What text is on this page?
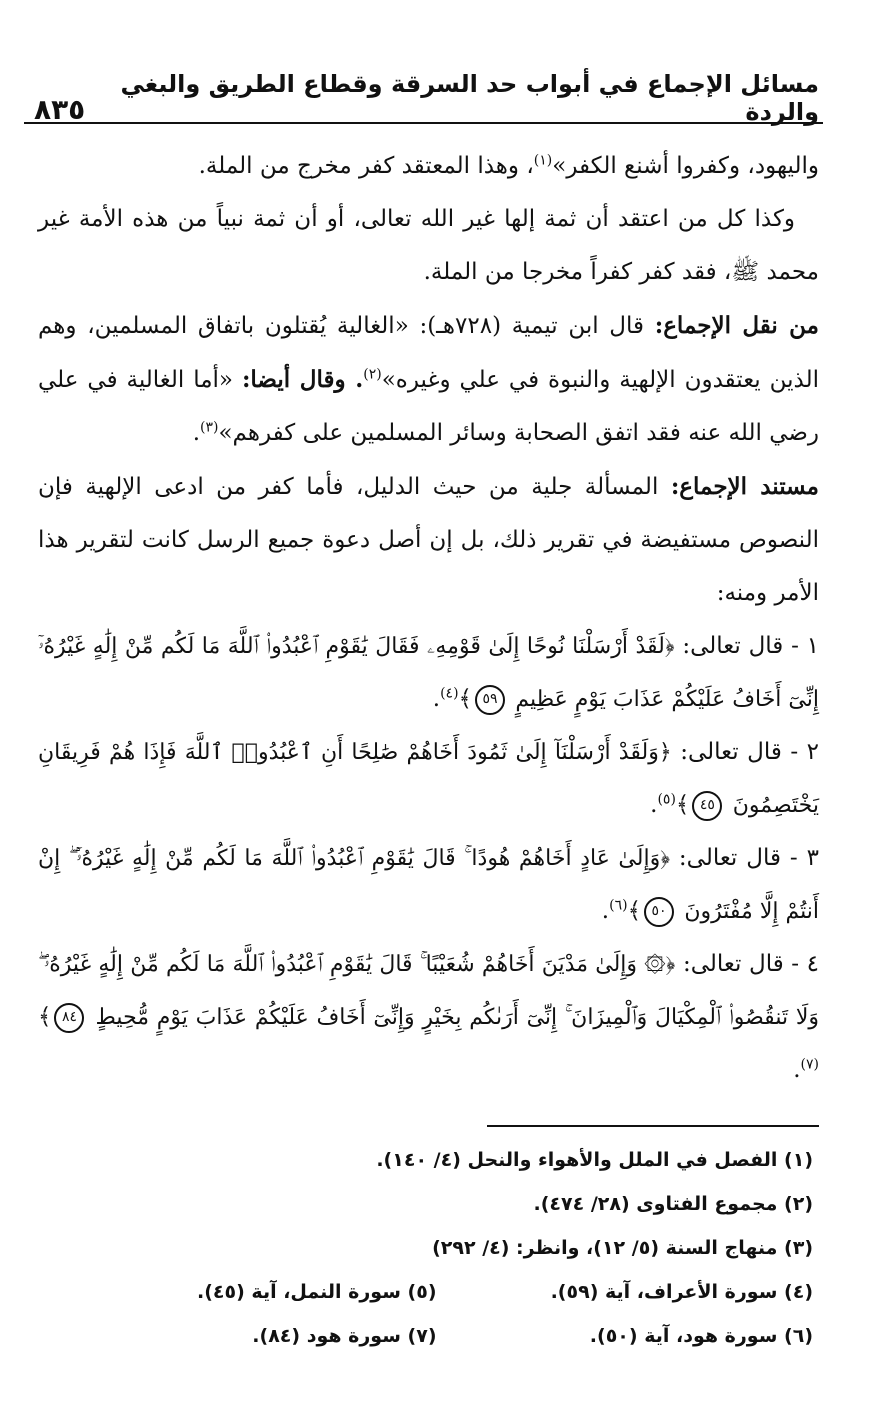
مسائل الإجماع في أبواب حد السرقة وقطاع الطريق والبغي والردة
٨٣٥

واليهود، وكفروا أشنع الكفر»$^{(١)}$، وهذا المعتقد كفر مخرج من الملة.

وكذا كل من اعتقد أن ثمة إلها غير الله تعالى، أو أن ثمة نبياً من هذه الأمة غير محمد ﷺ، فقد كفر كفراً مخرجا من الملة.

من نقل الإجماع: قال ابن تيمية (٧٢٨هـ): «الغالية يُقتلون باتفاق المسلمين، وهم الذين يعتقدون الإلهية والنبوة في علي وغيره»$^{(٢)}$. وقال أيضا: «أما الغالية في علي رضي الله عنه فقد اتفق الصحابة وسائر المسلمين على كفرهم»$^{(٣)}$.

مستند الإجماع: المسألة جلية من حيث الدليل، فأما كفر من ادعى الإلهية فإن النصوص مستفيضة في تقرير ذلك، بل إن أصل دعوة جميع الرسل كانت لتقرير هذا الأمر ومنه:

١ - قال تعالى: ﴿لَقَدْ أَرْسَلْنَا نُوحًا إِلَىٰ قَوْمِهِۦ فَقَالَ يَٰقَوْمِ ٱعْبُدُوا۟ ٱللَّهَ مَا لَكُم مِّنْ إِلَٰهٍ غَيْرُهُۥٓ إِنِّىٓ أَخَافُ عَلَيْكُمْ عَذَابَ يَوْمٍ عَظِيمٍ ٥٩﴾$^{(٤)}$.

٢ - قال تعالى: ﴿وَلَقَدْ أَرْسَلْنَآ إِلَىٰ ثَمُودَ أَخَاهُمْ صَٰلِحًا أَنِ ٱعْبُدُوا۟ ٱللَّهَ فَإِذَا هُمْ فَرِيقَانِ يَخْتَصِمُونَ ٤٥﴾$^{(٥)}$.

٣ - قال تعالى: ﴿وَإِلَىٰ عَادٍ أَخَاهُمْ هُودًا ۚ قَالَ يَٰقَوْمِ ٱعْبُدُوا۟ ٱللَّهَ مَا لَكُم مِّنْ إِلَٰهٍ غَيْرُهُۥٓ ۖ إِنْ أَنتُمْ إِلَّا مُفْتَرُونَ ٥٠﴾$^{(٦)}$.

٤ - قال تعالى: ﴿۞ وَإِلَىٰ مَدْيَنَ أَخَاهُمْ شُعَيْبًا ۚ قَالَ يَٰقَوْمِ ٱعْبُدُوا۟ ٱللَّهَ مَا لَكُم مِّنْ إِلَٰهٍ غَيْرُهُۥ ۖ وَلَا تَنقُصُوا۟ ٱلْمِكْيَالَ وَٱلْمِيزَانَ ۚ إِنِّىٓ أَرَىٰكُم بِخَيْرٍ وَإِنِّىٓ أَخَافُ عَلَيْكُمْ عَذَابَ يَوْمٍ مُّحِيطٍ ٨٤﴾$^{(٧)}$.

(١) الفصل في الملل والأهواء والنحل (٤/ ١٤٠).
(٢) مجموع الفتاوى (٢٨/ ٤٧٤).
(٣) منهاج السنة (٥/ ١٢)، وانظر: (٤/ ٢٩٢)
(٤) سورة الأعراف، آية (٥٩).
(٥) سورة النمل، آية (٤٥).
(٦) سورة هود، آية (٥٠).
(٧) سورة هود (٨٤).
